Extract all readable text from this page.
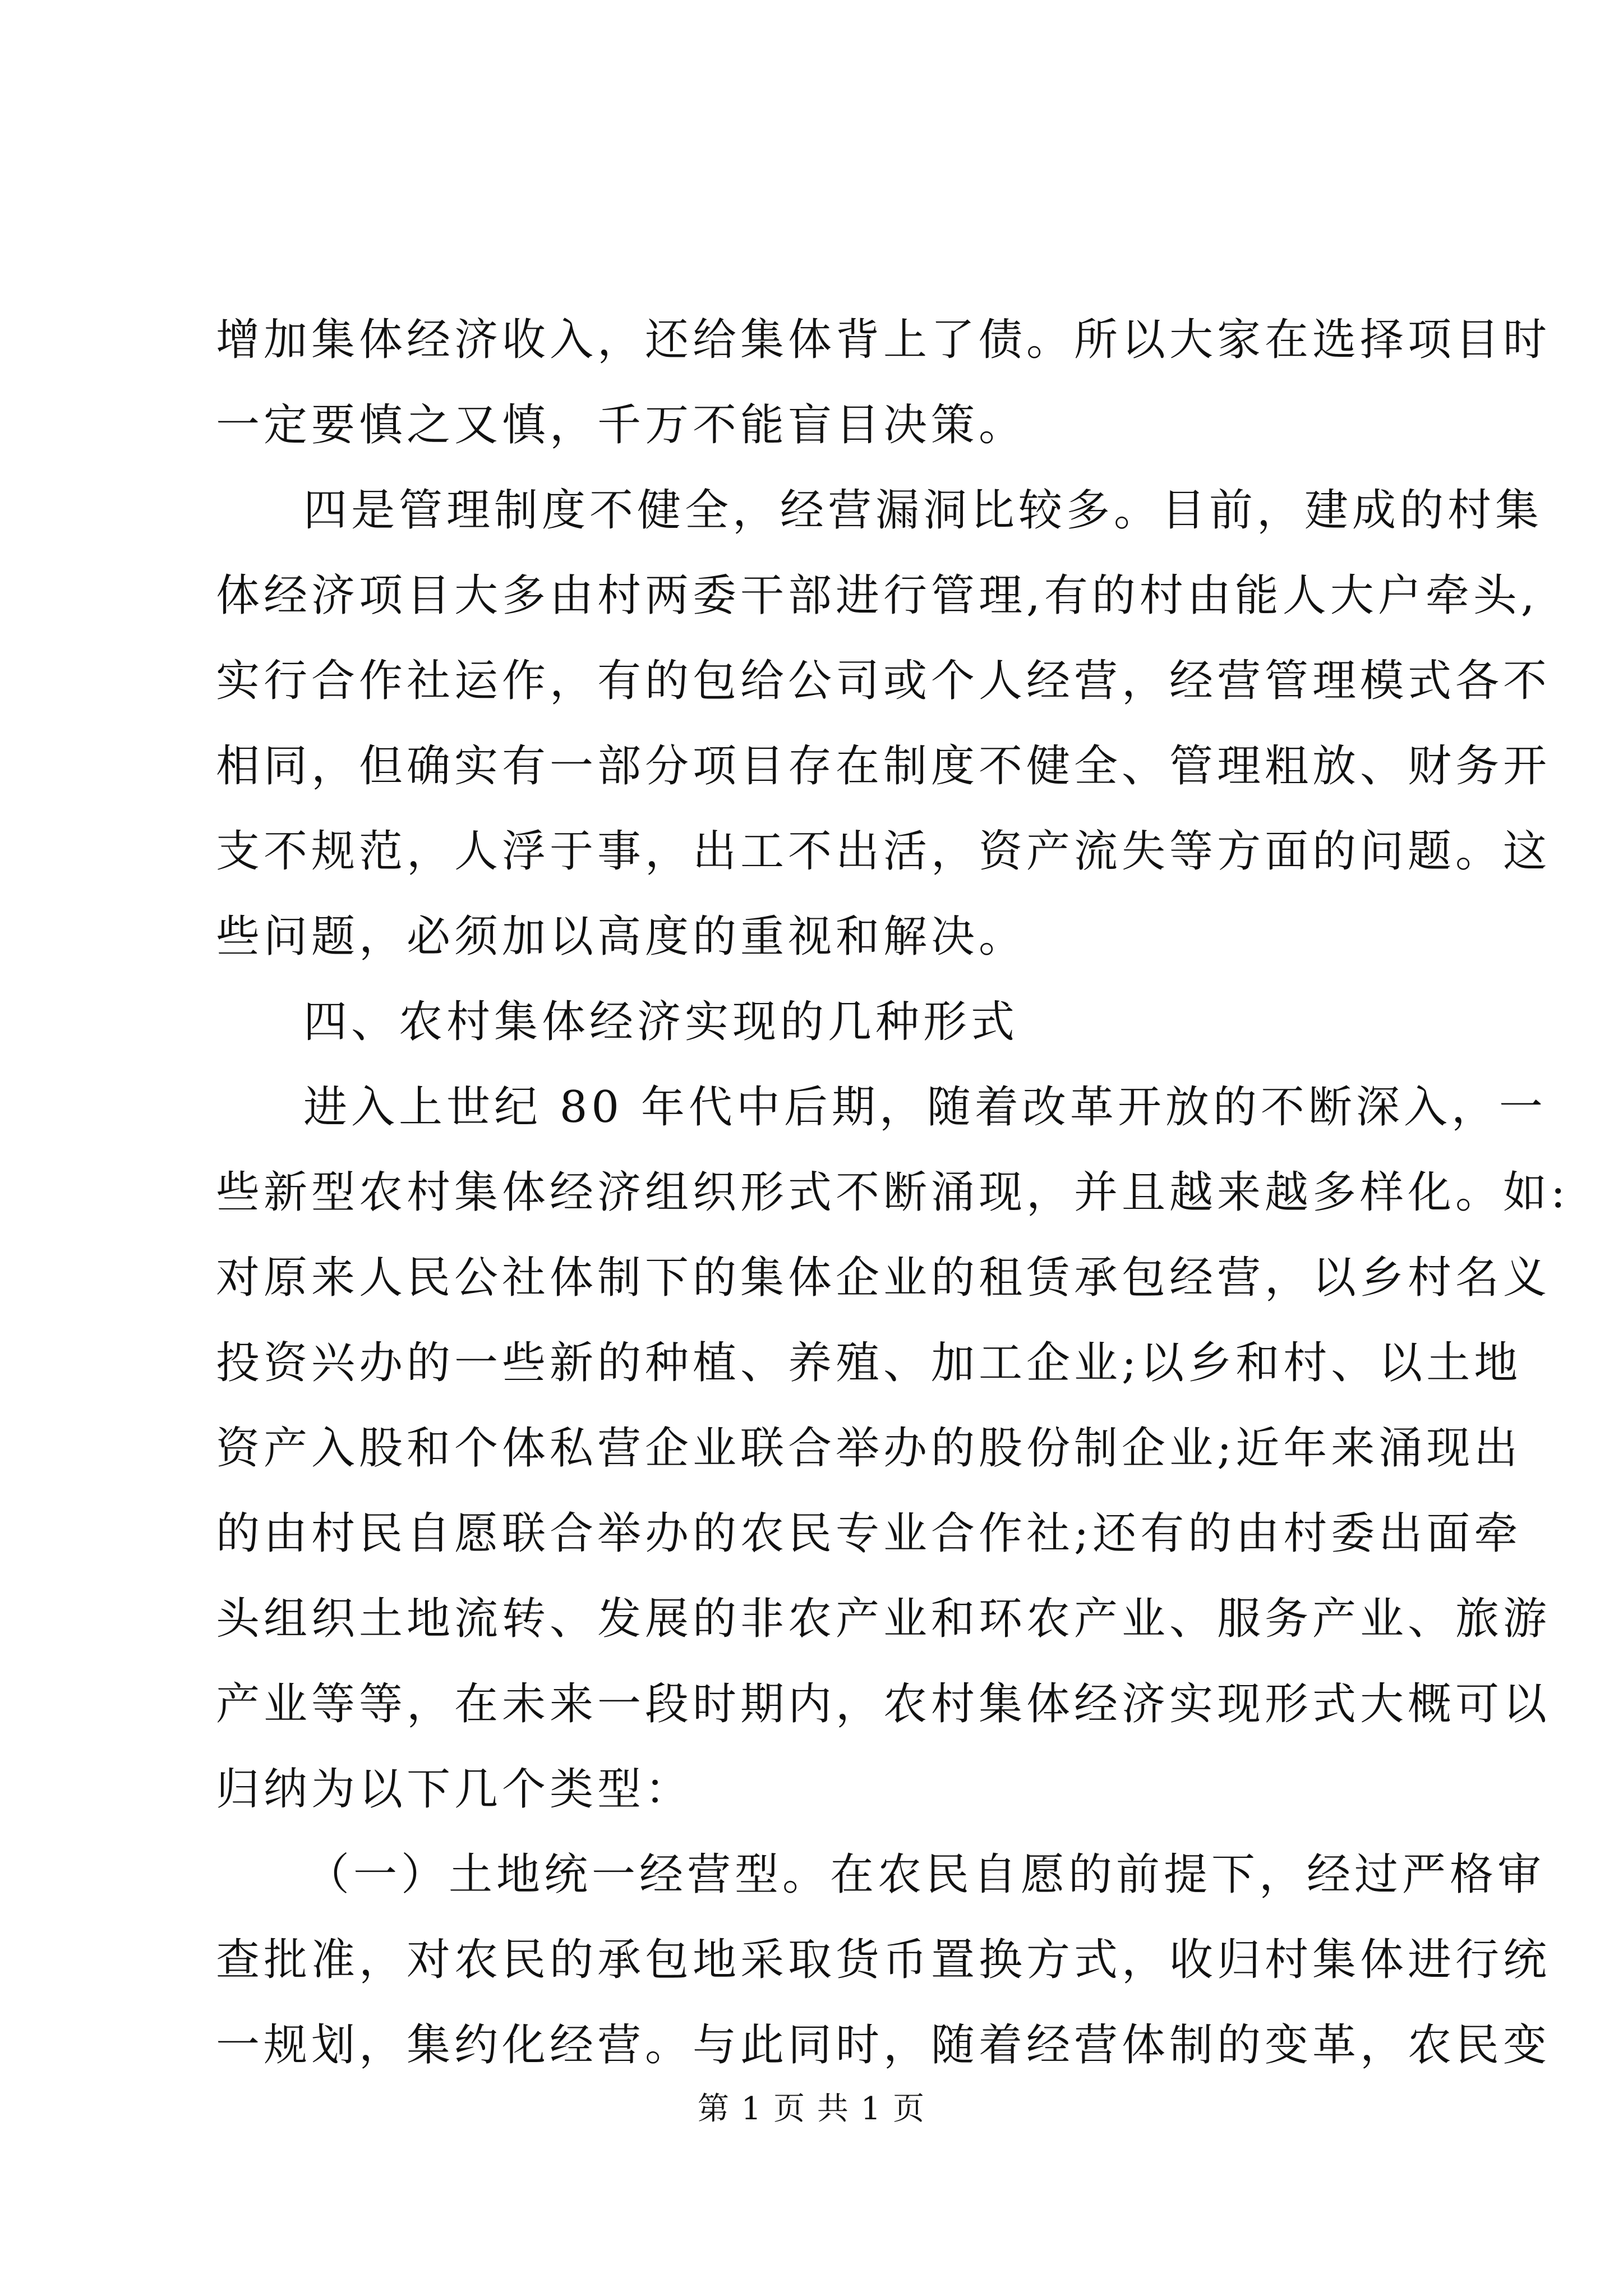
增加集体经济收入，还给集体背上了债。所以大家在选择项目时
一定要慎之又慎，千万不能盲目决策。
四是管理制度不健全，经营漏洞比较多。目前，建成的村集
体经济项目大多由村两委干部进行管理,有的村由能人大户牵头,
实行合作社运作，有的包给公司或个人经营，经营管理模式各不
相同，但确实有一部分项目存在制度不健全、管理粗放、财务开
支不规范，人浮于事，出工不出活，资产流失等方面的问题。这
些问题，必须加以高度的重视和解决。
四、农村集体经济实现的几种形式
进入上世纪 80 年代中后期，随着改革开放的不断深入，一
些新型农村集体经济组织形式不断涌现，并且越来越多样化。如:
对原来人民公社体制下的集体企业的租赁承包经营，以乡村名义
投资兴办的一些新的种植、养殖、加工企业;以乡和村、以土地
资产入股和个体私营企业联合举办的股份制企业;近年来涌现出
的由村民自愿联合举办的农民专业合作社;还有的由村委出面牵
头组织土地流转、发展的非农产业和环农产业、服务产业、旅游
产业等等，在未来一段时期内，农村集体经济实现形式大概可以
归纳为以下几个类型：
（一）土地统一经营型。在农民自愿的前提下，经过严格审
查批准，对农民的承包地采取货币置换方式，收归村集体进行统
一规划，集约化经营。与此同时，随着经营体制的变革，农民变
第 1 页 共 1 页
